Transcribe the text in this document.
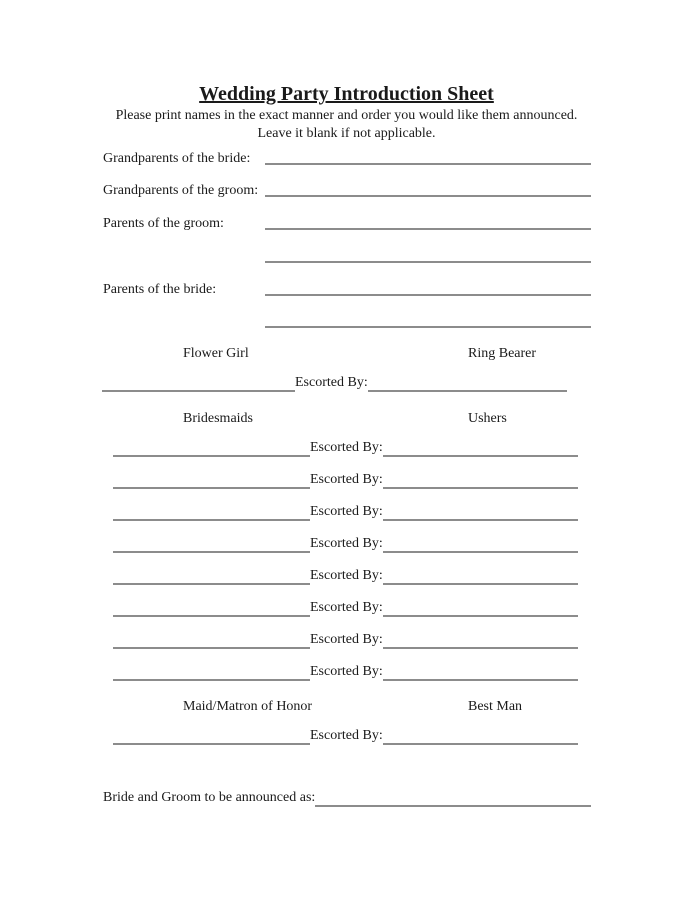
Wedding Party Introduction Sheet
Please print names in the exact manner and order you would like them announced.
Leave it blank if not applicable.
Grandparents of the bride:
Grandparents of the groom:
Parents of the groom:
Parents of the bride:
Flower Girl	Ring Bearer
Escorted By:
Bridesmaids	Ushers
Escorted By:
Escorted By:
Escorted By:
Escorted By:
Escorted By:
Escorted By:
Escorted By:
Escorted By:
Maid/Matron of Honor	Best Man
Escorted By:
Bride and Groom to be announced as:
